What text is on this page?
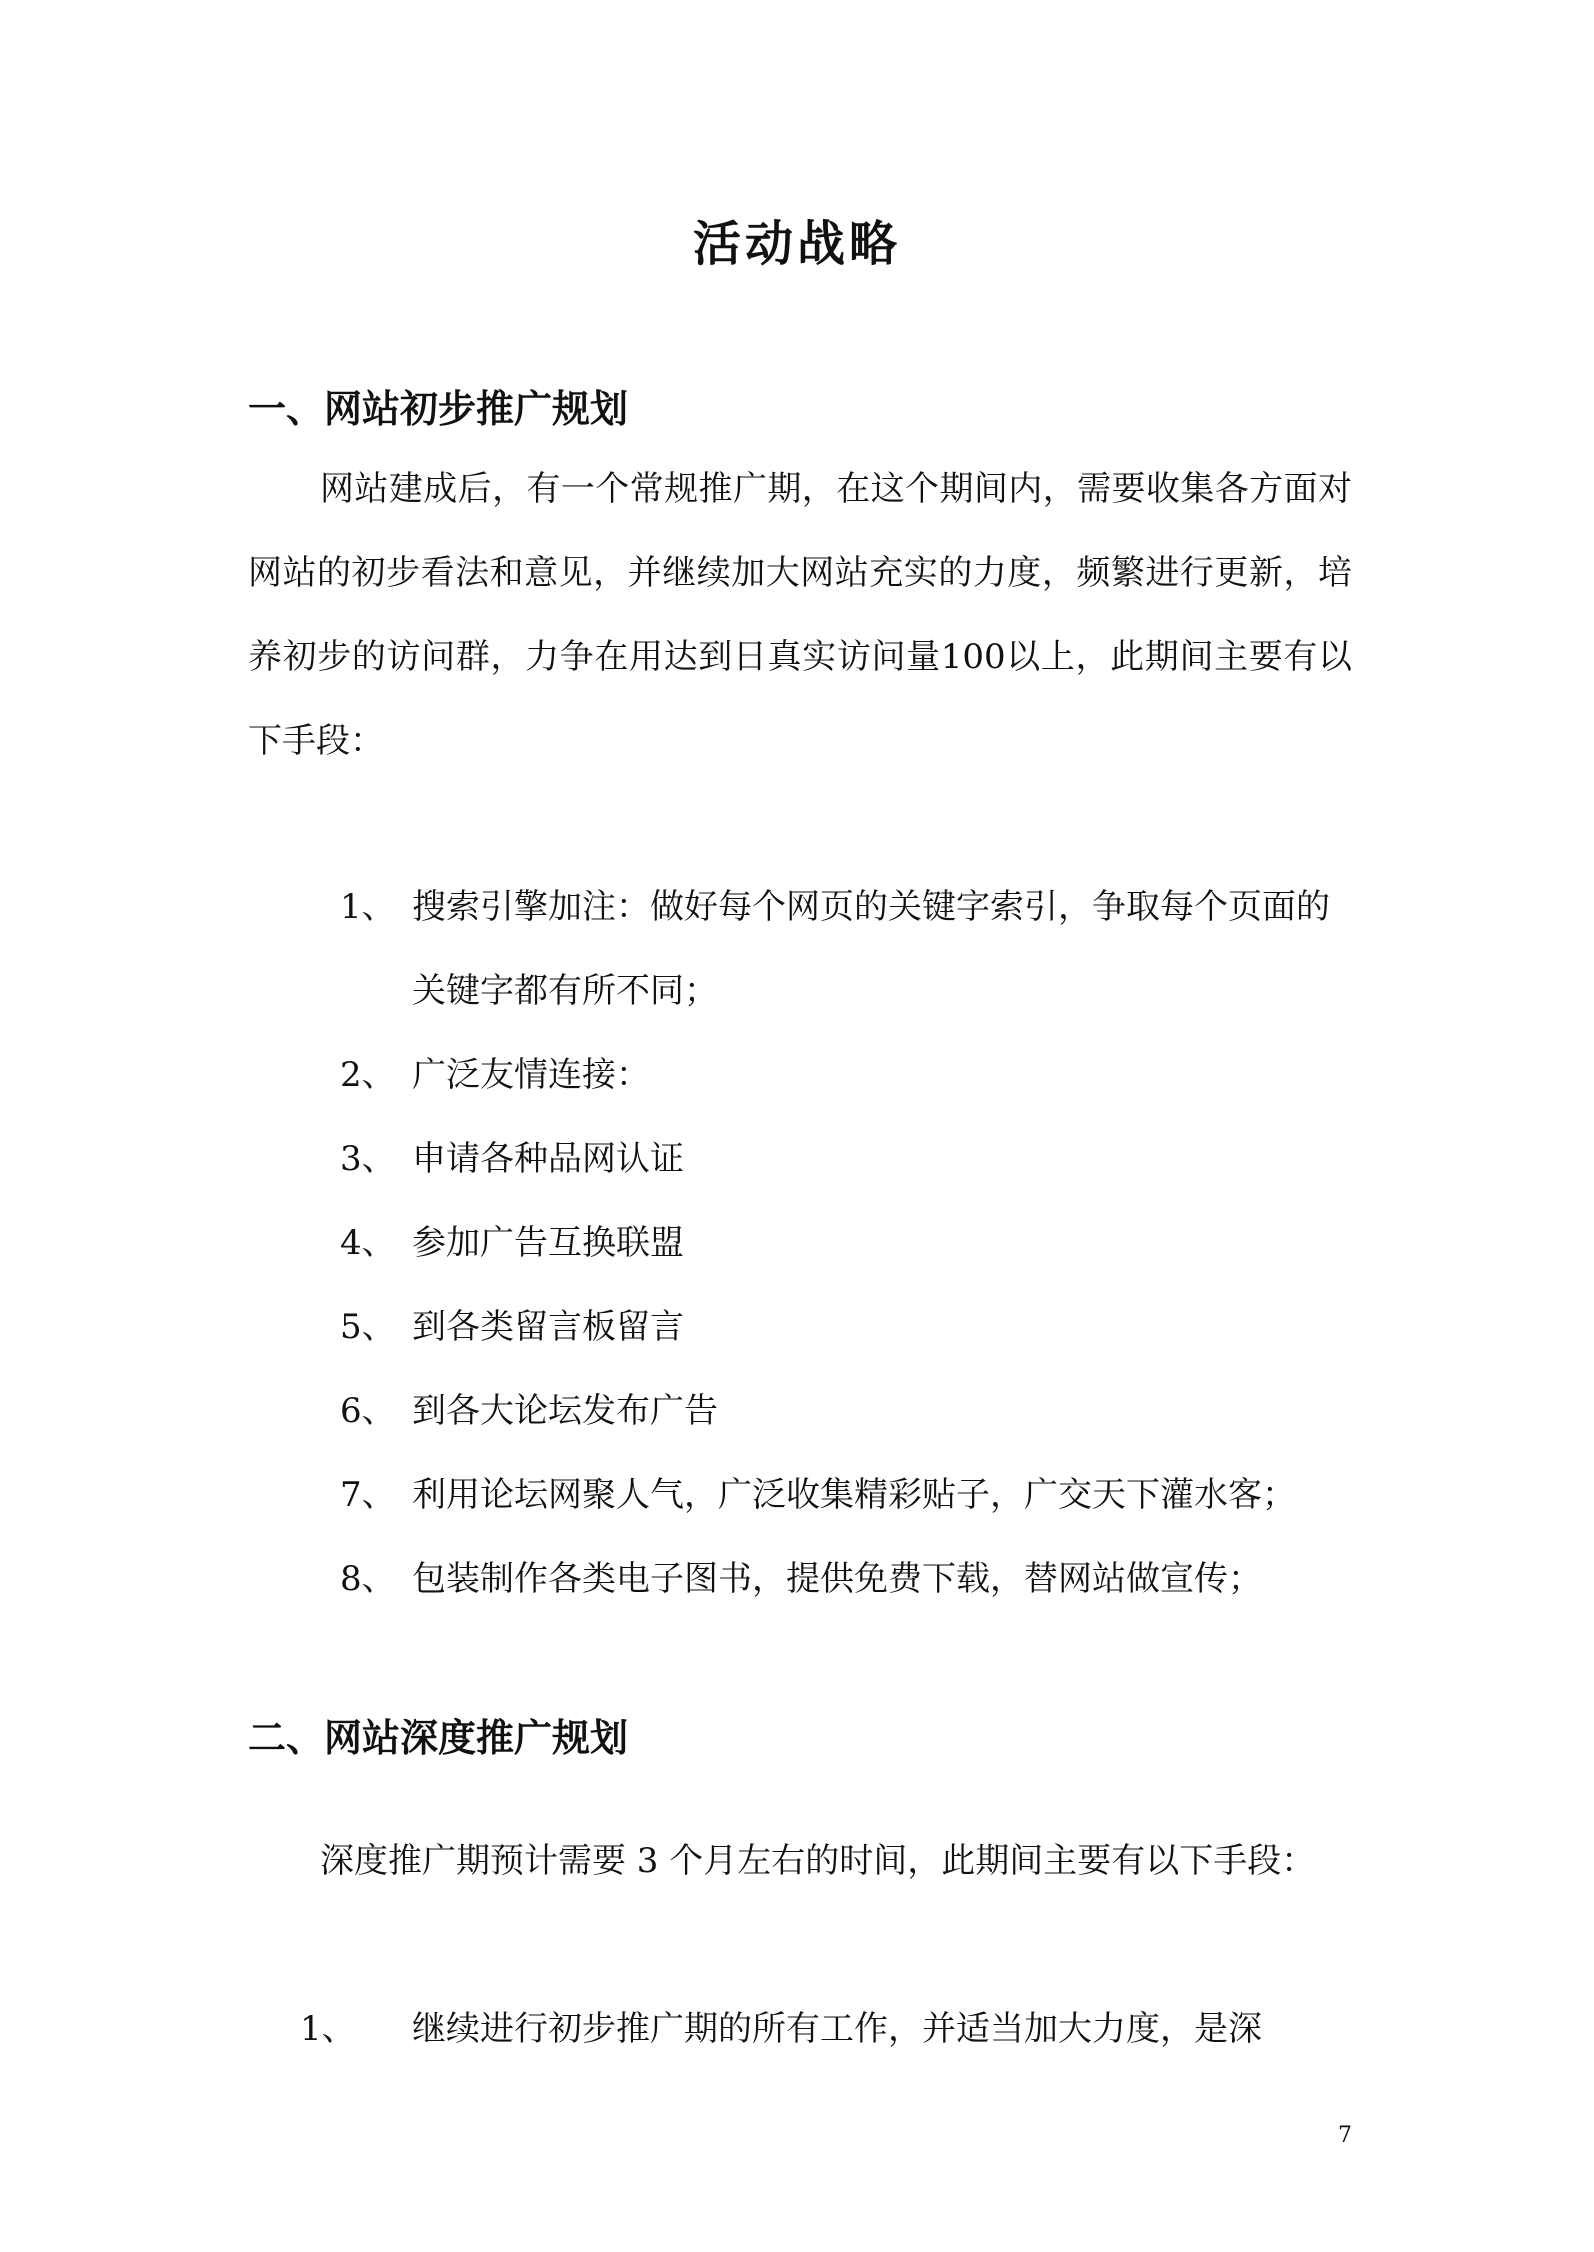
活动战略
一、网站初步推广规划

网站建成后，有一个常规推广期，在这个期间内，需要收集各方面对网站的初步看法和意见，并继续加大网站充实的力度，频繁进行更新，培养初步的访问群，力争在用达到日真实访问量100以上，此期间主要有以下手段：

1、 搜索引擎加注：做好每个网页的关键字索引，争取每个页面的关键字都有所不同；
2、 广泛友情连接：
3、 申请各种品网认证
4、 参加广告互换联盟
5、 到各类留言板留言
6、 到各大论坛发布广告
7、 利用论坛网聚人气，广泛收集精彩贴子，广交天下灌水客；
8、 包装制作各类电子图书，提供免费下载，替网站做宣传；
二、网站深度推广规划

深度推广期预计需要 3 个月左右的时间，此期间主要有以下手段：

1、 继续进行初步推广期的所有工作，并适当加大力度，是深
7
